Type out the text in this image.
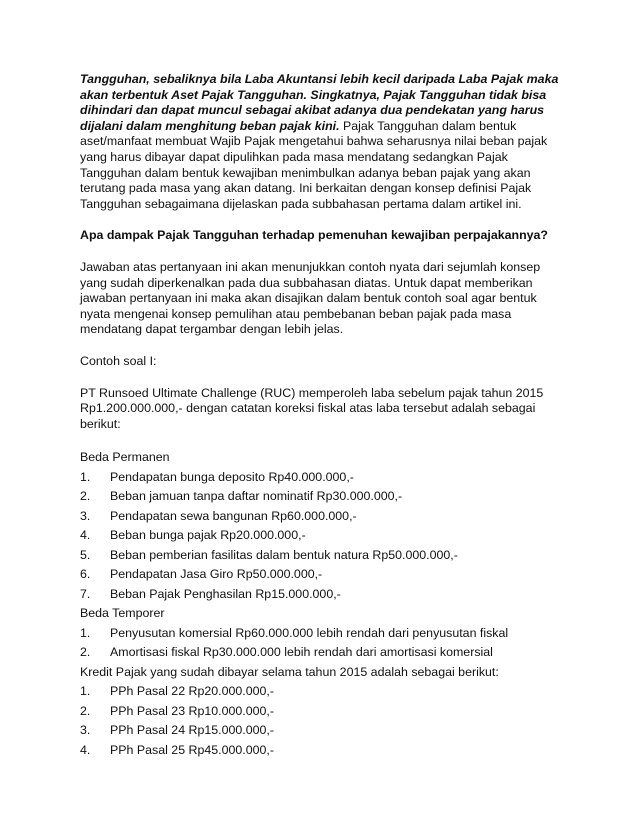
Tangguhan, sebaliknya bila Laba Akuntansi lebih kecil daripada Laba Pajak maka akan terbentuk Aset Pajak Tangguhan. Singkatnya, Pajak Tangguhan tidak bisa dihindari dan dapat muncul sebagai akibat adanya dua pendekatan yang harus dijalani dalam menghitung beban pajak kini. Pajak Tangguhan dalam bentuk aset/manfaat membuat Wajib Pajak mengetahui bahwa seharusnya nilai beban pajak yang harus dibayar dapat dipulihkan pada masa mendatang sedangkan Pajak Tangguhan dalam bentuk kewajiban menimbulkan adanya beban pajak yang akan terutang pada masa yang akan datang. Ini berkaitan dengan konsep definisi Pajak Tangguhan sebagaimana dijelaskan pada subbahasan pertama dalam artikel ini.

Apa dampak Pajak Tangguhan terhadap pemenuhan kewajiban perpajakannya?

Jawaban atas pertanyaan ini akan menunjukkan contoh nyata dari sejumlah konsep yang sudah diperkenalkan pada dua subbahasan diatas. Untuk dapat memberikan jawaban pertanyaan ini maka akan disajikan dalam bentuk contoh soal agar bentuk nyata mengenai konsep pemulihan atau pembebanan beban pajak pada masa mendatang dapat tergambar dengan lebih jelas.

Contoh soal I:

PT Runsoed Ultimate Challenge (RUC) memperoleh laba sebelum pajak tahun 2015 Rp1.200.000.000,- dengan catatan koreksi fiskal atas laba tersebut adalah sebagai berikut:

Beda Permanen

1.	Pendapatan bunga deposito Rp40.000.000,-
2.	Beban jamuan tanpa daftar nominatif Rp30.000.000,-
3.	Pendapatan sewa bangunan Rp60.000.000,-
4.	Beban bunga pajak Rp20.000.000,-
5.	Beban pemberian fasilitas dalam bentuk natura Rp50.000.000,-
6.	Pendapatan Jasa Giro Rp50.000.000,-
7.	Beban Pajak Penghasilan Rp15.000.000,-

Beda Temporer

1.	Penyusutan komersial Rp60.000.000 lebih rendah dari penyusutan fiskal
2.	Amortisasi fiskal Rp30.000.000 lebih rendah dari amortisasi komersial

Kredit Pajak yang sudah dibayar selama tahun 2015 adalah sebagai berikut:

1.	PPh Pasal 22 Rp20.000.000,-
2.	PPh Pasal 23 Rp10.000.000,-
3.	PPh Pasal 24 Rp15.000.000,-
4.	PPh Pasal 25 Rp45.000.000,-
